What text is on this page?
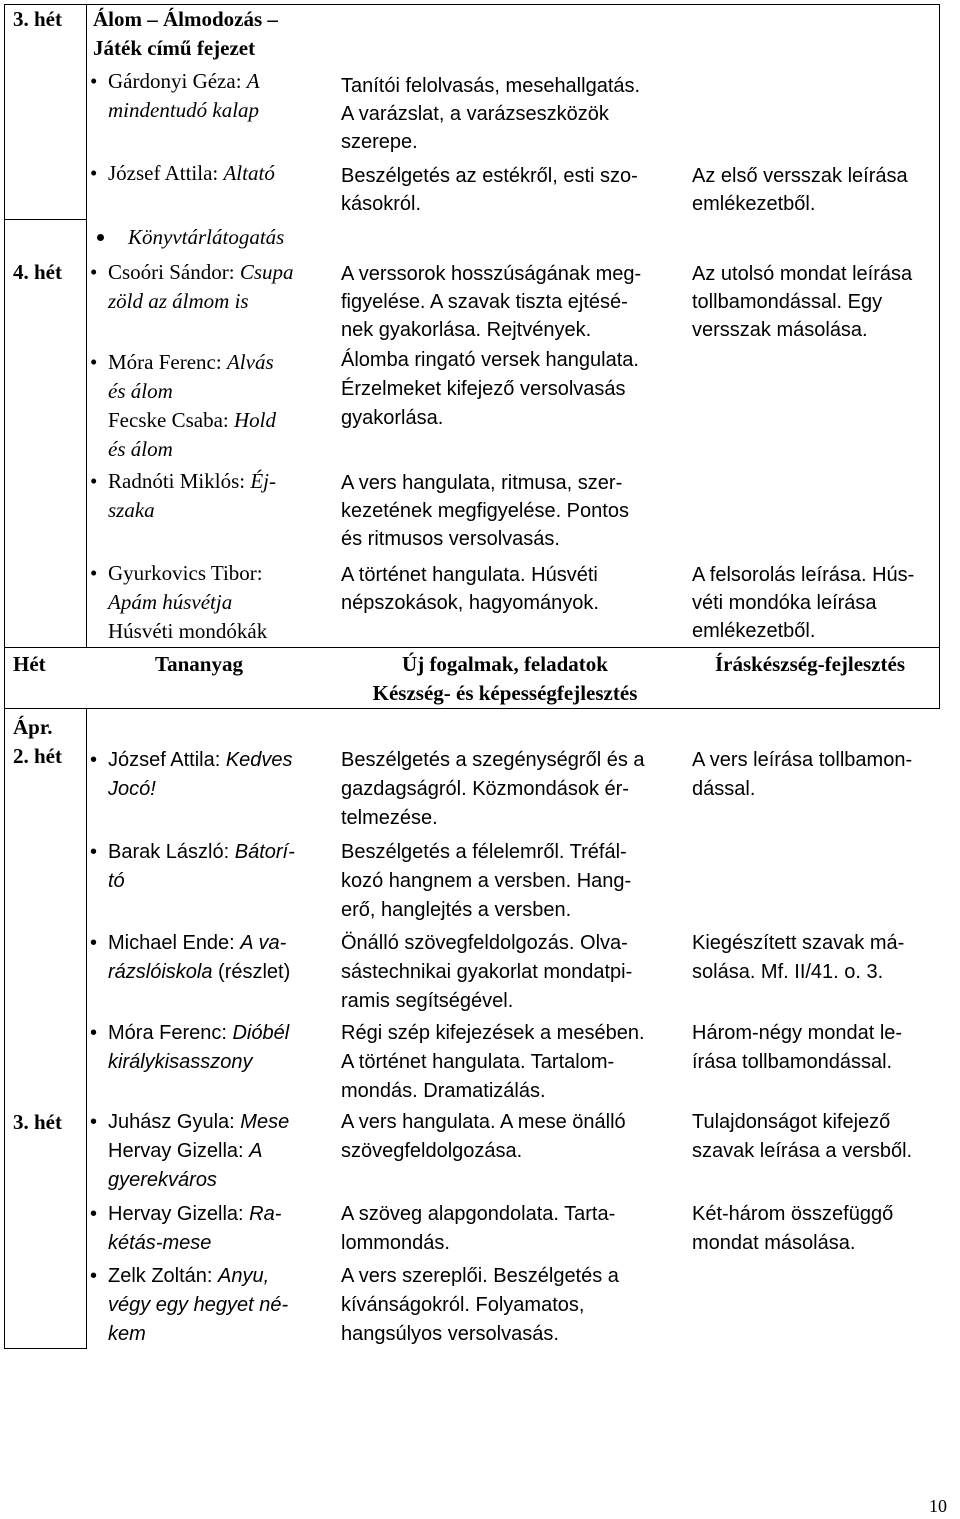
3. hét Álom – Álmodozás –
Játék című fejezet
• Gárdonyi Géza: A
mindentudó kalap
• József Attila: Altató
Könyvtárlátogatás
Tanítói felolvasás, mesehallgatás.
A varázslat, a varázseszközök
szerepe.
Beszélgetés az estékről, esti szo-
kásokról.
Az első versszak leírása
emlékezetből.
4. hét • Csoóri Sándor: Csupa
zöld az álmom is
• Móra Ferenc: Alvás
és álom
Fecske Csaba: Hold
és álom
• Radnóti Miklós: Éj-
szaka
• Gyurkovics Tibor:
Apám húsvétja
Húsvéti mondókák
A verssorok hosszúságának meg-
figyelése. A szavak tiszta ejtésé-
nek gyakorlása. Rejtvények.
Álomba ringató versek hangulata.
Érzelmeket kifejező versolvasás
gyakorlása.
A vers hangulata, ritmusa, szer-
kezetének megfigyelése. Pontos
és ritmusos versolvasás.
A történet hangulata. Húsvéti
népszokások, hagyományok.
Az utolsó mondat leírása
tollbamondással. Egy
versszak másolása.
A felsorolás leírása. Hús-
véti mondóka leírása
emlékezetből.
Hét	Tananyag	Új fogalmak, feladatok
Készség- és képességfejlesztés
Íráskészség-fejlesztés
Ápr.
2. hét • József Attila: Kedves
Jocó!
• Barak László: Bátorí-
tó
• Michael Ende: A va-
rázslóiskola (részlet)
• Móra Ferenc: Dióbél
királykisasszony
Beszélgetés a szegénységről és a
gazdagságról. Közmondások ér-
telmezése.
Beszélgetés a félelemről. Tréfál-
kozó hangnem a versben. Hang-
erő, hanglejtés a versben.
Önálló szövegfeldolgozás. Olva-
sástechnikai gyakorlat mondatpi-
ramis segítségével.
Régi szép kifejezések a mesében.
A történet hangulata. Tartalom-
mondás. Dramatizálás.
A vers leírása tollbamon-
dással.
Kiegészített szavak má-
solása. Mf. II/41. o. 3.
Három-négy mondat le-
írása tollbamondással.
3. hét • Juhász Gyula: Mese
Hervay Gizella: A
gyerekváros
• Hervay Gizella: Ra-
kétás-mese
• Zelk Zoltán: Anyu,
végy egy hegyet né-
kem
A vers hangulata. A mese önálló
szövegfeldolgozása.
A szöveg alapgondolata. Tarta-
lommondás.
A vers szereplői. Beszélgetés a
kívánságokról. Folyamatos,
hangsúlyos versolvasás.
Tulajdonságot kifejező
szavak leírása a versből.
Két-három összefüggő
mondat másolása.
10
